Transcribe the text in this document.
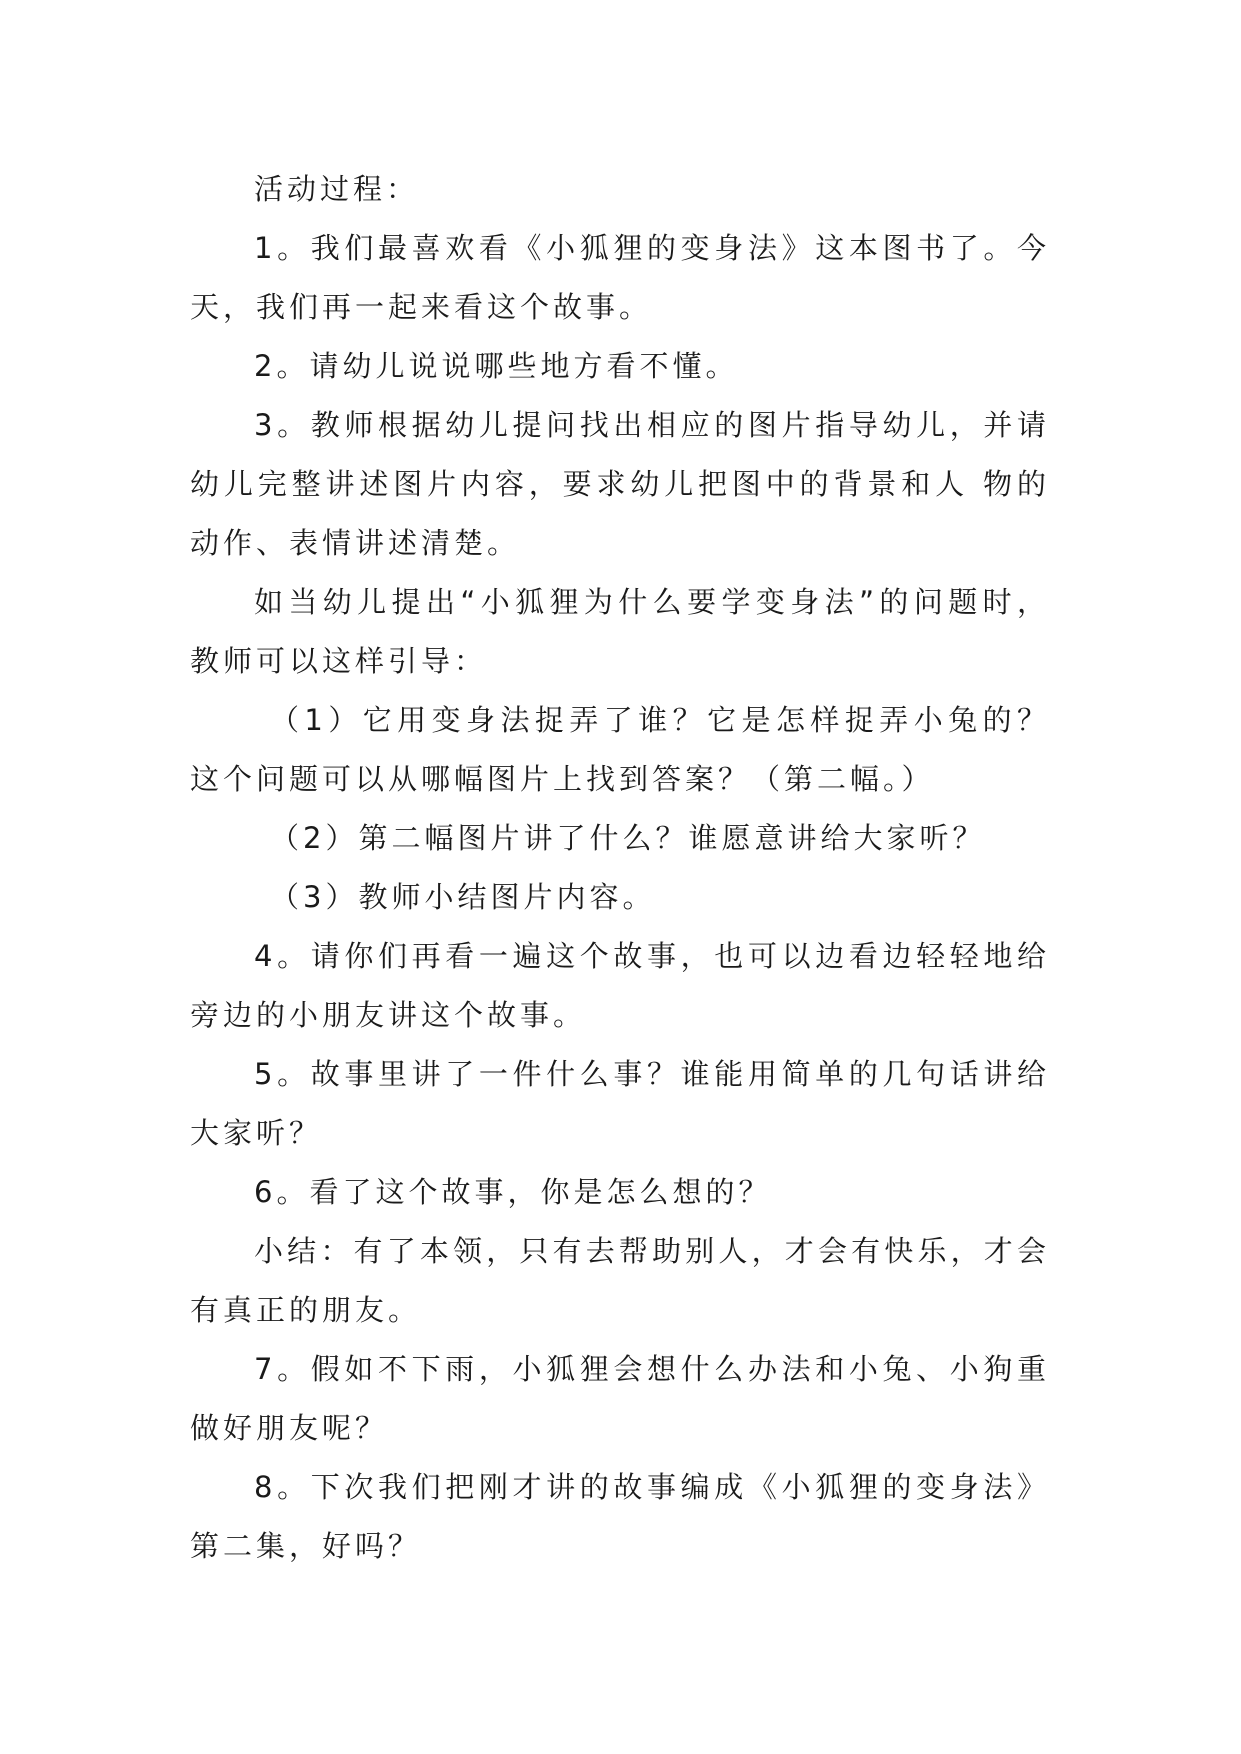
活动过程：

1。我们最喜欢看《小狐狸的变身法》这本图书了。今天，我们再一起来看这个故事。

2。请幼儿说说哪些地方看不懂。

3。教师根据幼儿提问找出相应的图片指导幼儿，并请幼儿完整讲述图片内容，要求幼儿把图中的背景和人 物的动作、表情讲述清楚。

如当幼儿提出“小狐狸为什么要学变身法”的问题时，教师可以这样引导：

（1）它用变身法捉弄了谁？它是怎样捉弄小兔的？这个问题可以从哪幅图片上找到答案？（第二幅。）

（2）第二幅图片讲了什么？谁愿意讲给大家听？

（3）教师小结图片内容。

4。请你们再看一遍这个故事，也可以边看边轻轻地给旁边的小朋友讲这个故事。

5。故事里讲了一件什么事？谁能用简单的几句话讲给大家听？

6。看了这个故事，你是怎么想的？

小结：有了本领，只有去帮助别人，才会有快乐，才会有真正的朋友。

7。假如不下雨，小狐狸会想什么办法和小兔、小狗重做好朋友呢？

8。下次我们把刚才讲的故事编成《小狐狸的变身法》第二集，好吗？
